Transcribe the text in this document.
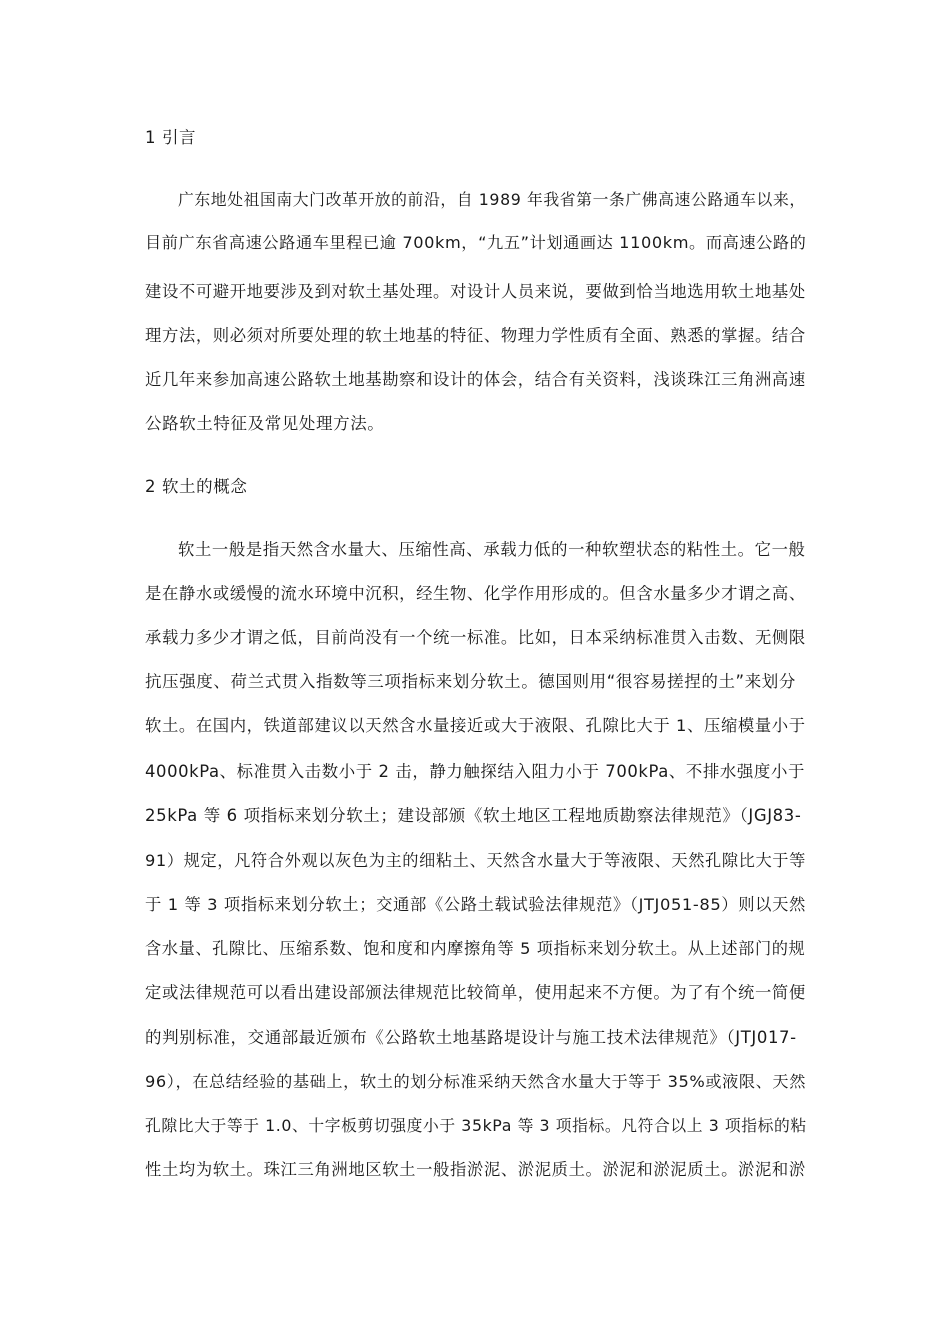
1 引言
广东地处祖国南大门改革开放的前沿，自 1989 年我省第一条广佛高速公路通车以来，
目前广东省高速公路通车里程已逾 700km，“九五”计划通画达 1100km。而高速公路的
建设不可避开地要涉及到对软土基处理。对设计人员来说，要做到恰当地选用软土地基处
理方法，则必须对所要处理的软土地基的特征、物理力学性质有全面、熟悉的掌握。结合
近几年来参加高速公路软土地基勘察和设计的体会，结合有关资料，浅谈珠江三角洲高速
公路软土特征及常见处理方法。
2 软土的概念
软土一般是指天然含水量大、压缩性高、承载力低的一种软塑状态的粘性土。它一般
是在静水或缓慢的流水环境中沉积，经生物、化学作用形成的。但含水量多少才谓之高、
承载力多少才谓之低，目前尚没有一个统一标准。比如，日本采纳标准贯入击数、无侧限
抗压强度、荷兰式贯入指数等三项指标来划分软土。德国则用“很容易搓捏的土”来划分
软土。在国内，铁道部建议以天然含水量接近或大于液限、孔隙比大于 1、压缩模量小于
4000kPa、标准贯入击数小于 2 击，静力触探结入阻力小于 700kPa、不排水强度小于
25kPa 等 6 项指标来划分软土；建设部颁《软土地区工程地质勘察法律规范》（JGJ83-
91）规定，凡符合外观以灰色为主的细粘土、天然含水量大于等液限、天然孔隙比大于等
于 1 等 3 项指标来划分软土；交通部《公路土载试验法律规范》（JTJ051-85）则以天然
含水量、孔隙比、压缩系数、饱和度和内摩擦角等 5 项指标来划分软土。从上述部门的规
定或法律规范可以看出建设部颁法律规范比较简单，使用起来不方便。为了有个统一简便
的判别标准，交通部最近颁布《公路软土地基路堤设计与施工技术法律规范》（JTJ017-
96），在总结经验的基础上，软土的划分标准采纳天然含水量大于等于 35%或液限、天然
孔隙比大于等于 1.0、十字板剪切强度小于 35kPa 等 3 项指标。凡符合以上 3 项指标的粘
性土均为软土。珠江三角洲地区软土一般指淤泥、淤泥质土。淤泥和淤泥质土。淤泥和淤
